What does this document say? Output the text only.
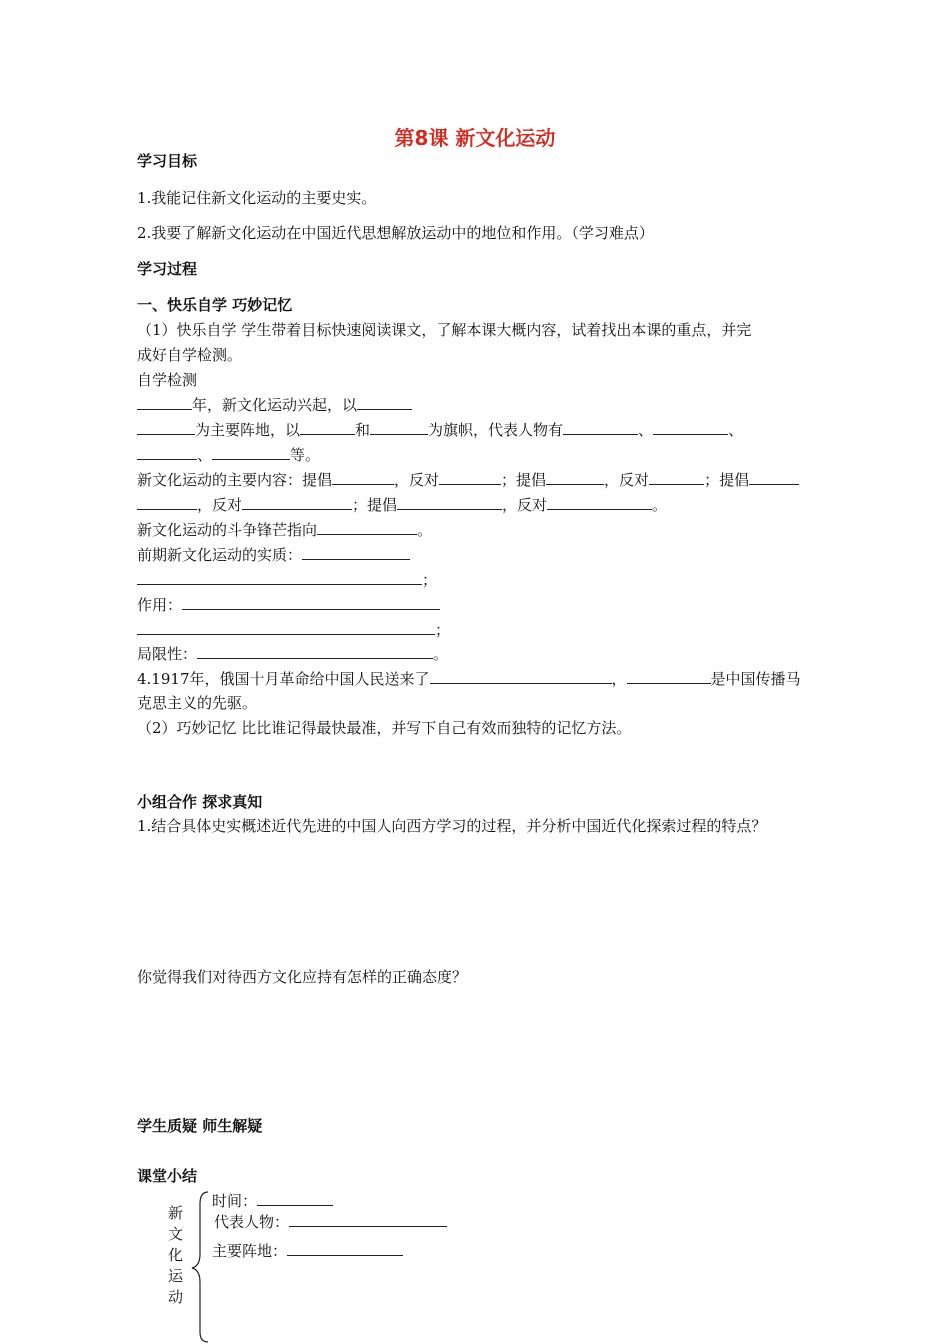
第8课 新文化运动
学习目标
1.我能记住新文化运动的主要史实。
2.我要了解新文化运动在中国近代思想解放运动中的地位和作用。（学习难点）
学习过程
一、快乐自学 巧妙记忆
（1）快乐自学 学生带着目标快速阅读课文，了解本课大概内容，试着找出本课的重点，并完
成好自学检测。
自学检测
年，新文化运动兴起，以
为主要阵地，以	和	为旗帜，代表人物有	、	、
、	等。
新文化运动的主要内容：提倡	，反对	；提倡	，反对	；提倡
，反对	；提倡	，反对	。
新文化运动的斗争锋芒指向	。
前期新文化运动的实质：
；
作用：
；
局限性：	。
4.1917年，俄国十月革命给中国人民送来了	，	是中国传播马
克思主义的先驱。
（2）巧妙记忆 比比谁记得最快最准，并写下自己有效而独特的记忆方法。
小组合作 探求真知
1.结合具体史实概述近代先进的中国人向西方学习的过程，并分析中国近代化探索过程的特点？
你觉得我们对待西方文化应持有怎样的正确态度？
学生质疑 师生解疑
课堂小结
新
文
化
运
动
时间：
代表人物：
主要阵地：
